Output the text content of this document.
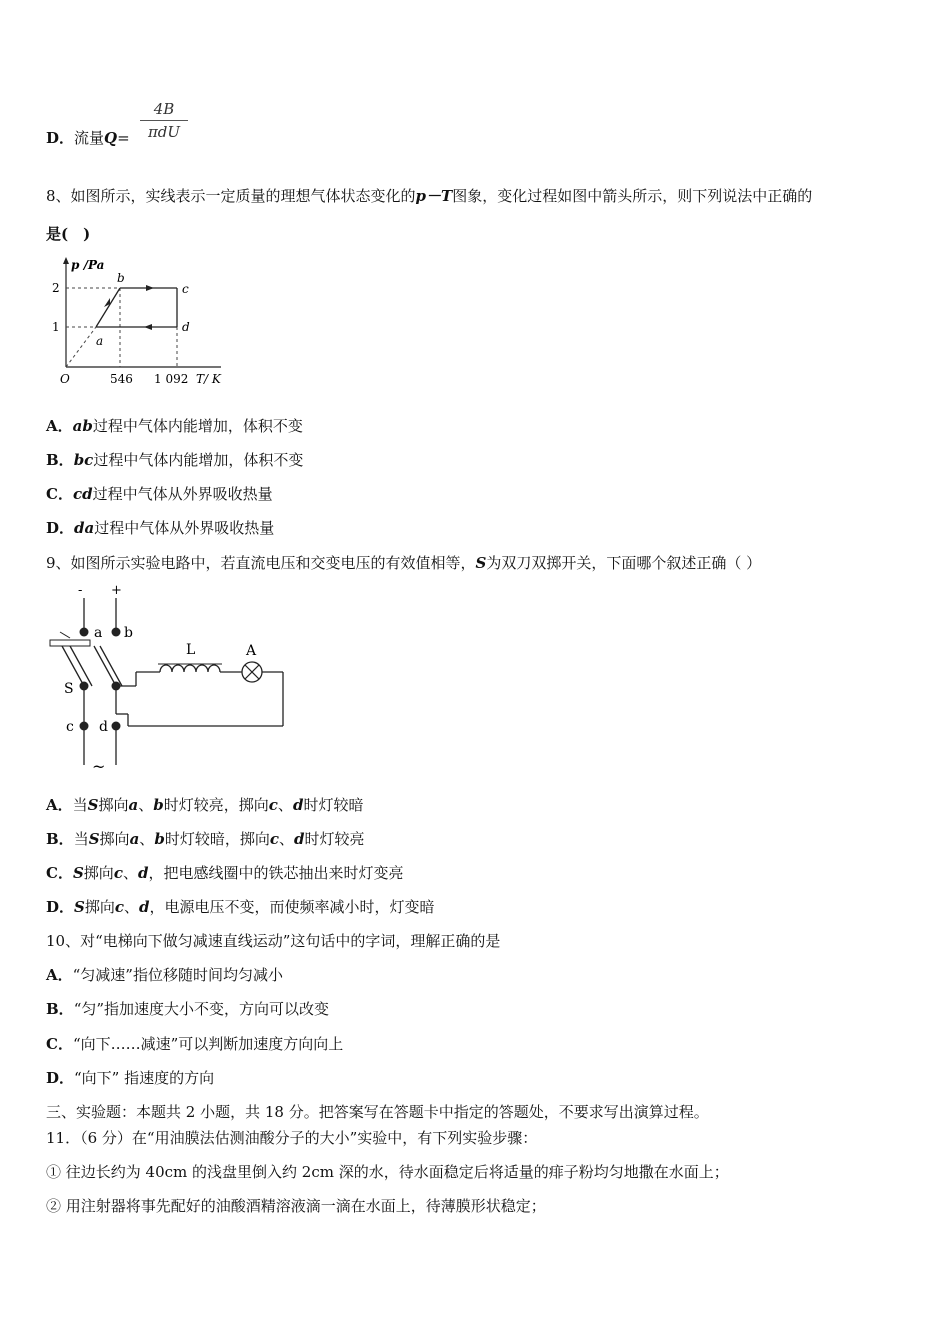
4B
πdU
D．流量Q=
8、如图所示，实线表示一定质量的理想气体状态变化的p－T图象，变化过程如图中箭头所示，则下列说法中正确的
是(　)
p /Pa
2
1
O	546 1 092 T/ K
a
b
c
d
A．ab过程中气体内能增加，体积不变
B．bc过程中气体内能增加，体积不变
C．cd过程中气体从外界吸收热量
D．da过程中气体从外界吸收热量
9、如图所示实验电路中，若直流电压和交变电压的有效值相等，S为双刀双掷开关，下面哪个叙述正确（ ）
- +
a b
S
L	A
c d
~
A．当S掷向a、b时灯较亮，掷向c、d时灯较暗
B．当S掷向a、b时灯较暗，掷向c、d时灯较亮
C．S掷向c、d，把电感线圈中的铁芯抽出来时灯变亮
D．S掷向c、d，电源电压不变，而使频率减小时，灯变暗
10、对“电梯向下做匀减速直线运动”这句话中的字词，理解正确的是
A．“匀减速”指位移随时间均匀减小
B．“匀”指加速度大小不变，方向可以改变
C．“向下……减速”可以判断加速度方向向上
D．“向下” 指速度的方向
三、实验题：本题共 2 小题，共 18 分。把答案写在答题卡中指定的答题处，不要求写出演算过程。
11．（6 分）在“用油膜法估测油酸分子的大小”实验中，有下列实验步骤：
① 往边长约为 40cm 的浅盘里倒入约 2cm 深的水，待水面稳定后将适量的痱子粉均匀地撒在水面上；
② 用注射器将事先配好的油酸酒精溶液滴一滴在水面上，待薄膜形状稳定；
